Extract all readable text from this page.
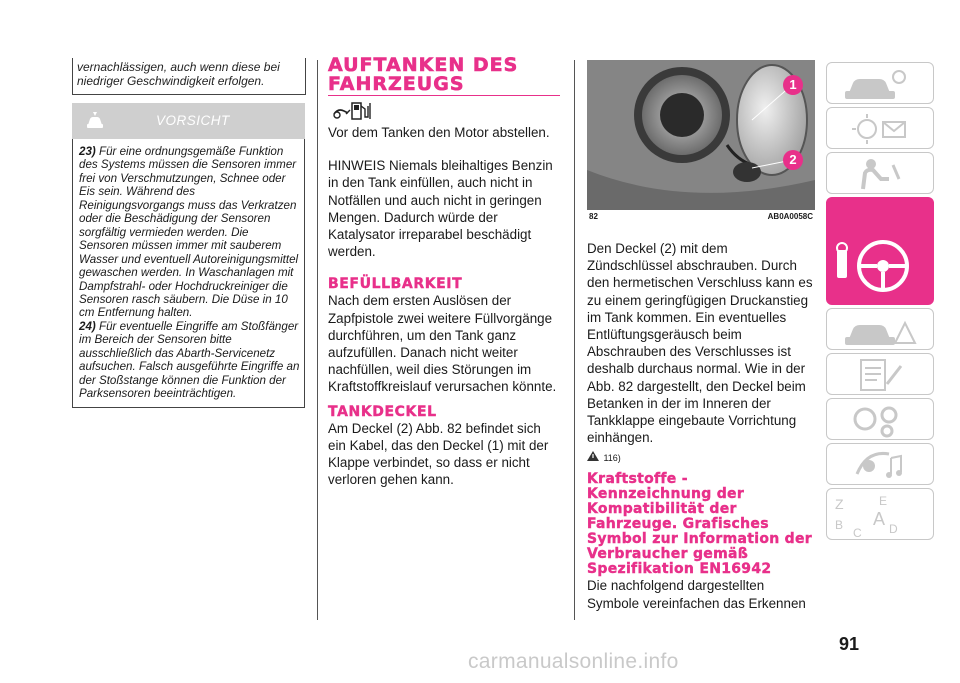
vernachlässigen, auch wenn diese bei niedriger Geschwindigkeit erfolgen.

VORSICHT

23) Für eine ordnungsgemäße Funktion des Systems müssen die Sensoren immer frei von Verschmutzungen, Schnee oder Eis sein. Während des Reinigungsvorgangs muss das Verkratzen oder die Beschädigung der Sensoren sorgfältig vermieden werden. Die Sensoren müssen immer mit sauberem Wasser und eventuell Autoreinigungsmittel gewaschen werden. In Waschanlagen mit Dampfstrahl- oder Hochdruckreiniger die Sensoren rasch säubern. Die Düse in 10 cm Entfernung halten.

24) Für eventuelle Eingriffe am Stoßfänger im Bereich der Sensoren bitte ausschließlich das Abarth-Servicenetz aufsuchen. Falsch ausgeführte Eingriffe an der Stoßstange können die Funktion der Parksensoren beeinträchtigen.

AUFTANKEN DES FAHRZEUGS

Vor dem Tanken den Motor abstellen.

HINWEIS Niemals bleihaltiges Benzin in den Tank einfüllen, auch nicht in Notfällen und auch nicht in geringen Mengen. Dadurch würde der Katalysator irreparabel beschädigt werden.

BEFÜLLBARKEIT

Nach dem ersten Auslösen der Zapfpistole zwei weitere Füllvorgänge durchführen, um den Tank ganz aufzufüllen. Danach nicht weiter nachfüllen, weil dies Störungen im Kraftstoffkreislauf verursachen könnte.

TANKDECKEL

Am Deckel (2) Abb. 82 befindet sich ein Kabel, das den Deckel (1) mit der Klappe verbindet, so dass er nicht verloren gehen kann.

1
2
82	AB0A0058C

Den Deckel (2) mit dem Zündschlüssel abschrauben. Durch den hermetischen Verschluss kann es zu einem geringfügigen Druckanstieg im Tank kommen. Ein eventuelles Entlüftungsgeräusch beim Abschrauben des Verschlusses ist deshalb durchaus normal. Wie in der Abb. 82 dargestellt, den Deckel beim Betanken in der im Inneren der Tankklappe eingebaute Vorrichtung einhängen.

116)

Kraftstoffe - Kennzeichnung der Kompatibilität der Fahrzeuge. Grafisches Symbol zur Information der Verbraucher gemäß Spezifikation EN16942

Die nachfolgend dargestellten Symbole vereinfachen das Erkennen

Z	E
B A
C D
91
carmanualsonline.info
